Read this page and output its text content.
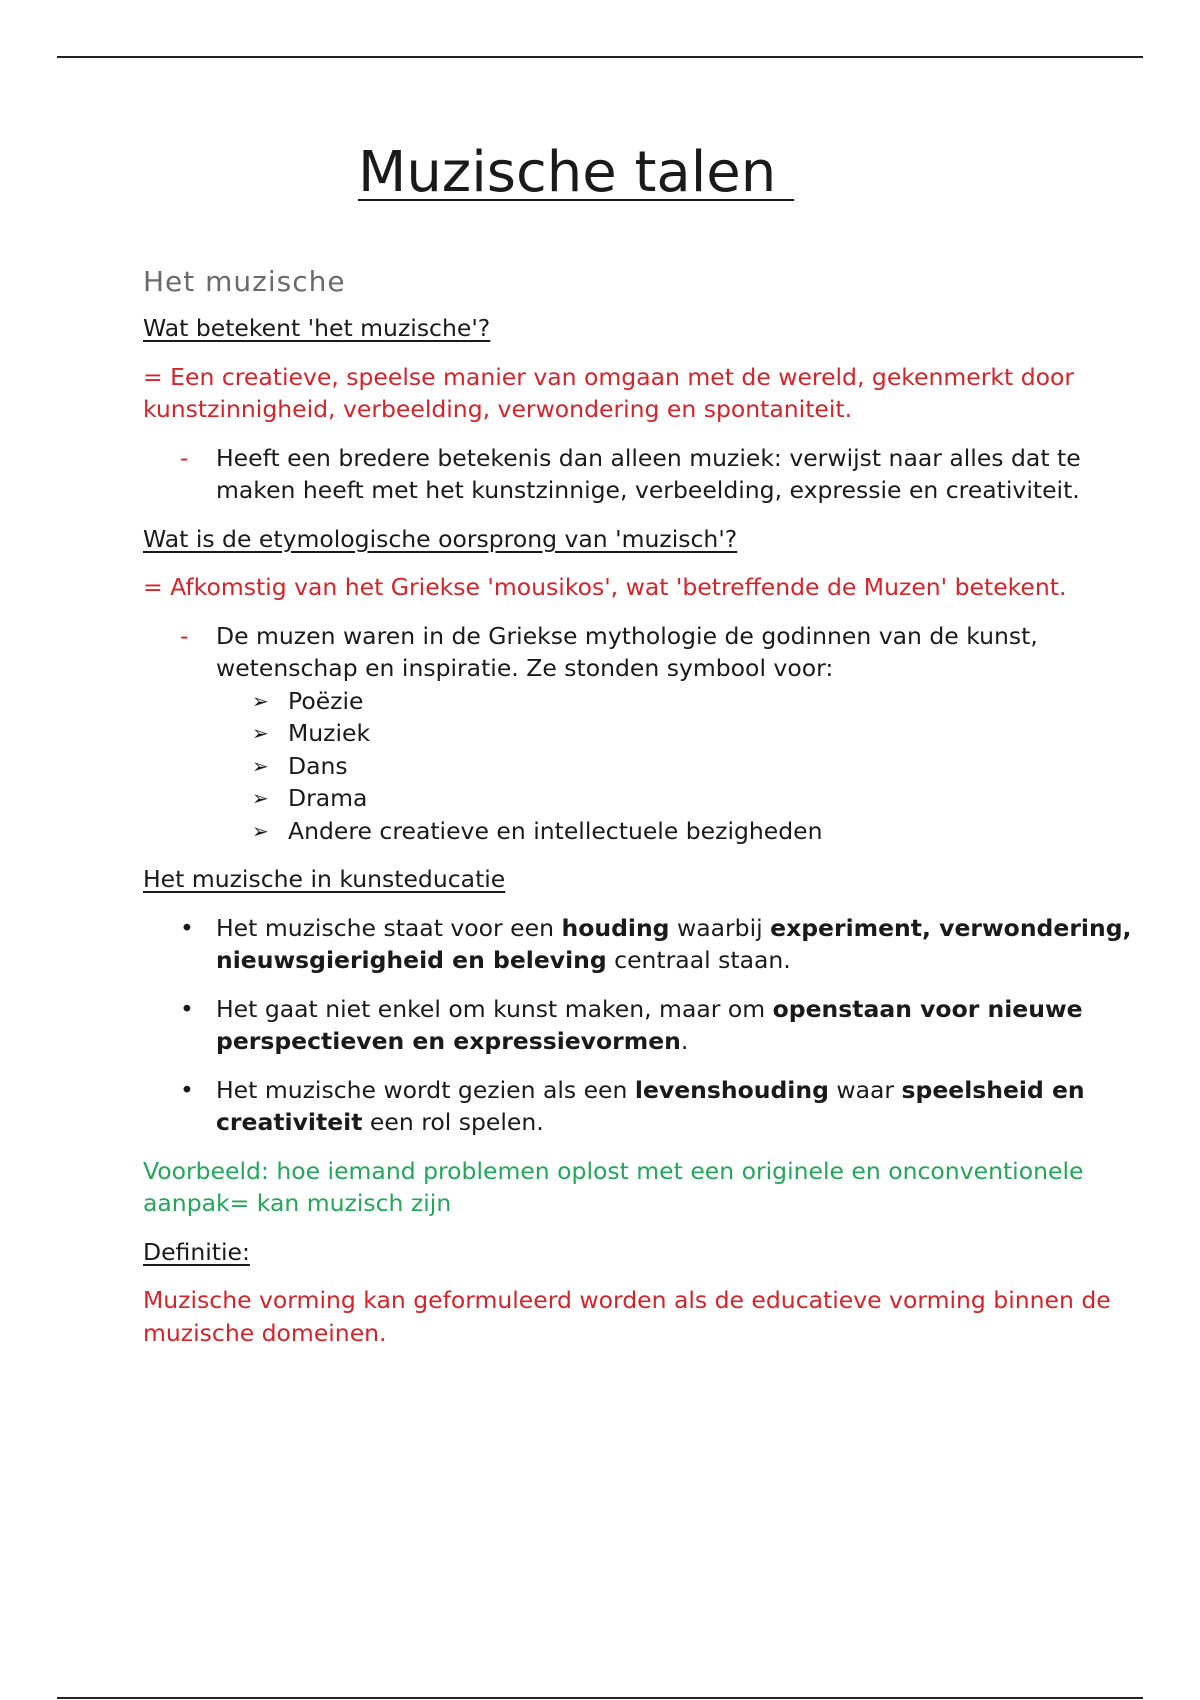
Muzische talen
Het muzische

Wat betekent 'het muzische'?

= Een creatieve, speelse manier van omgaan met de wereld, gekenmerkt door kunstzinnigheid, verbeelding, verwondering en spontaniteit.

- Heeft een bredere betekenis dan alleen muziek: verwijst naar alles dat te maken heeft met het kunstzinnige, verbeelding, expressie en creativiteit.

Wat is de etymologische oorsprong van 'muzisch'?

= Afkomstig van het Griekse 'mousikos', wat 'betreffende de Muzen' betekent.

- De muzen waren in de Griekse mythologie de godinnen van de kunst, wetenschap en inspiratie. Ze stonden symbool voor:
➢ Poëzie
➢ Muziek
➢ Dans
➢ Drama
➢ Andere creatieve en intellectuele bezigheden

Het muzische in kunsteducatie

• Het muzische staat voor een houding waarbij experiment, verwondering, nieuwsgierigheid en beleving centraal staan.
• Het gaat niet enkel om kunst maken, maar om openstaan voor nieuwe perspectieven en expressievormen.
• Het muzische wordt gezien als een levenshouding waar speelsheid en creativiteit een rol spelen.

Voorbeeld: hoe iemand problemen oplost met een originele en onconventionele aanpak= kan muzisch zijn

Definitie:

Muzische vorming kan geformuleerd worden als de educatieve vorming binnen de muzische domeinen.
